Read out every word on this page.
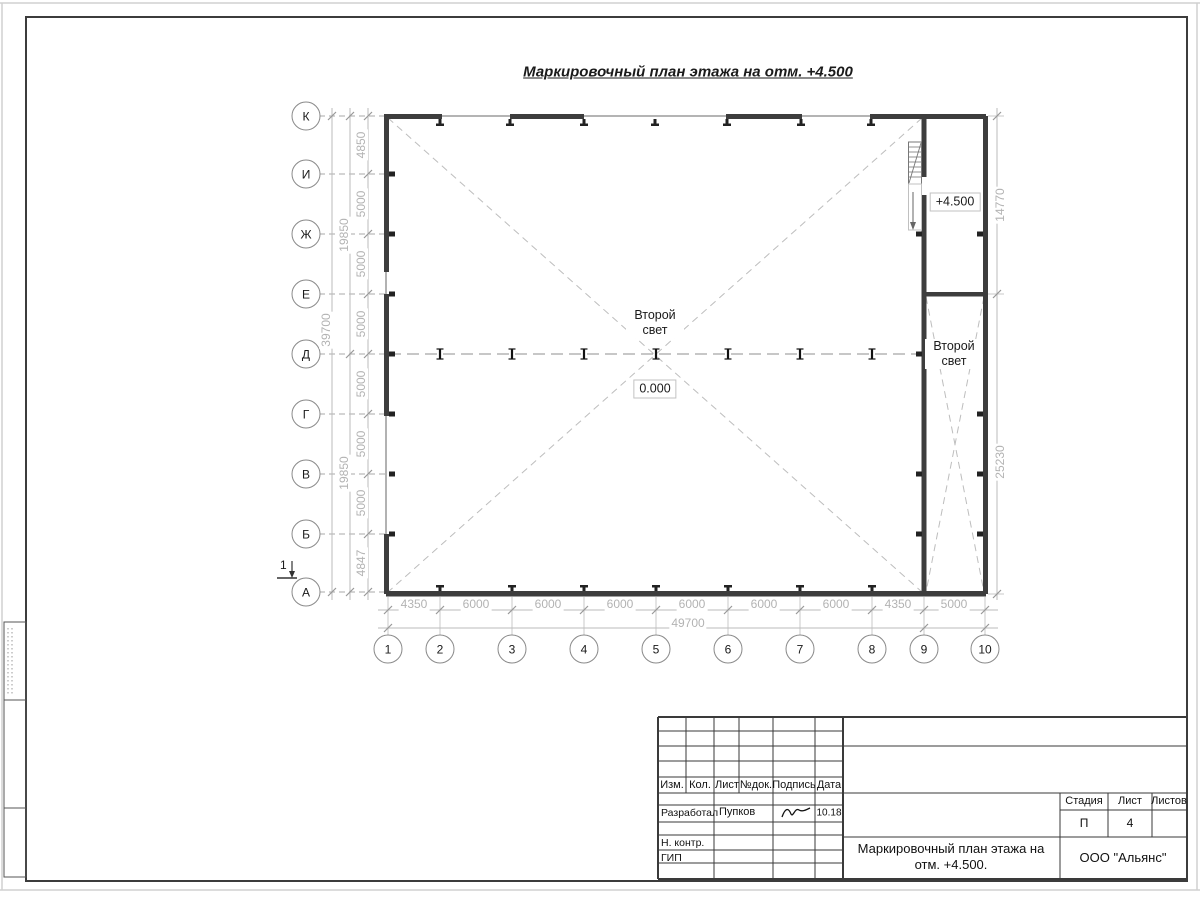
Маркировочный план этажа на отм. +4.500
К
И
Ж
Е
Д
Г
В
Б
А
1	2	3	4	5	6	7	8	9	10
4350	6000	6000	6000	6000	6000	6000	4350 5000
49700
4850
5000
5000
5000
5000
5000
5000
4847
19850
19850
39700
14770
25230
Второй свет
0.000
+4.500
Второй свет
1
Изм. Кол. Лист №док. Подпись Дата
Разработал Пупков	10.18
Н. контр.
ГИП
Маркировочный план этажа на отм. +4.500.	ООО "Альянс"
Стадия Лист Листов
П	4
